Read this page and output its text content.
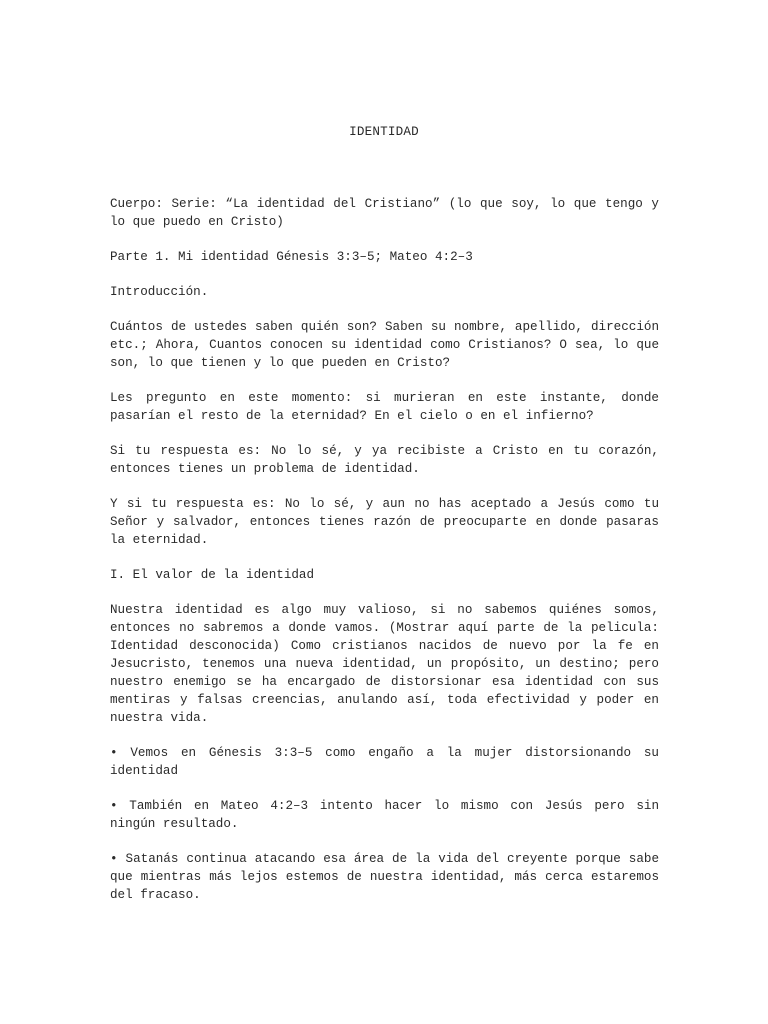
IDENTIDAD

Cuerpo: Serie: “La identidad del Cristiano” (lo que soy, lo que tengo y lo que puedo en Cristo)

Parte 1. Mi identidad Génesis 3:3–5; Mateo 4:2–3

Introducción.

Cuántos de ustedes saben quién son? Saben su nombre, apellido, dirección etc.; Ahora, Cuantos conocen su identidad como Cristianos? O sea, lo que son, lo que tienen y lo que pueden en Cristo?

Les pregunto en este momento: si murieran en este instante, donde pasarían el resto de la eternidad? En el cielo o en el infierno?

Si tu respuesta es: No lo sé, y ya recibiste a Cristo en tu corazón, entonces tienes un problema de identidad.

Y si tu respuesta es: No lo sé, y aun no has aceptado a Jesús como tu Señor y salvador, entonces tienes razón de preocuparte en donde pasaras la eternidad.

I. El valor de la identidad

Nuestra identidad es algo muy valioso, si no sabemos quiénes somos, entonces no sabremos a donde vamos. (Mostrar aquí parte de la pelicula: Identidad desconocida) Como cristianos nacidos de nuevo por la fe en Jesucristo, tenemos una nueva identidad, un propósito, un destino; pero nuestro enemigo se ha encargado de distorsionar esa identidad con sus mentiras y falsas creencias, anulando así, toda efectividad y poder en nuestra vida.

• Vemos en Génesis 3:3–5 como engaño a la mujer distorsionando su identidad

• También en Mateo 4:2–3 intento hacer lo mismo con Jesús pero sin ningún resultado.

• Satanás continua atacando esa área de la vida del creyente porque sabe que mientras más lejos estemos de nuestra identidad, más cerca estaremos del fracaso.
